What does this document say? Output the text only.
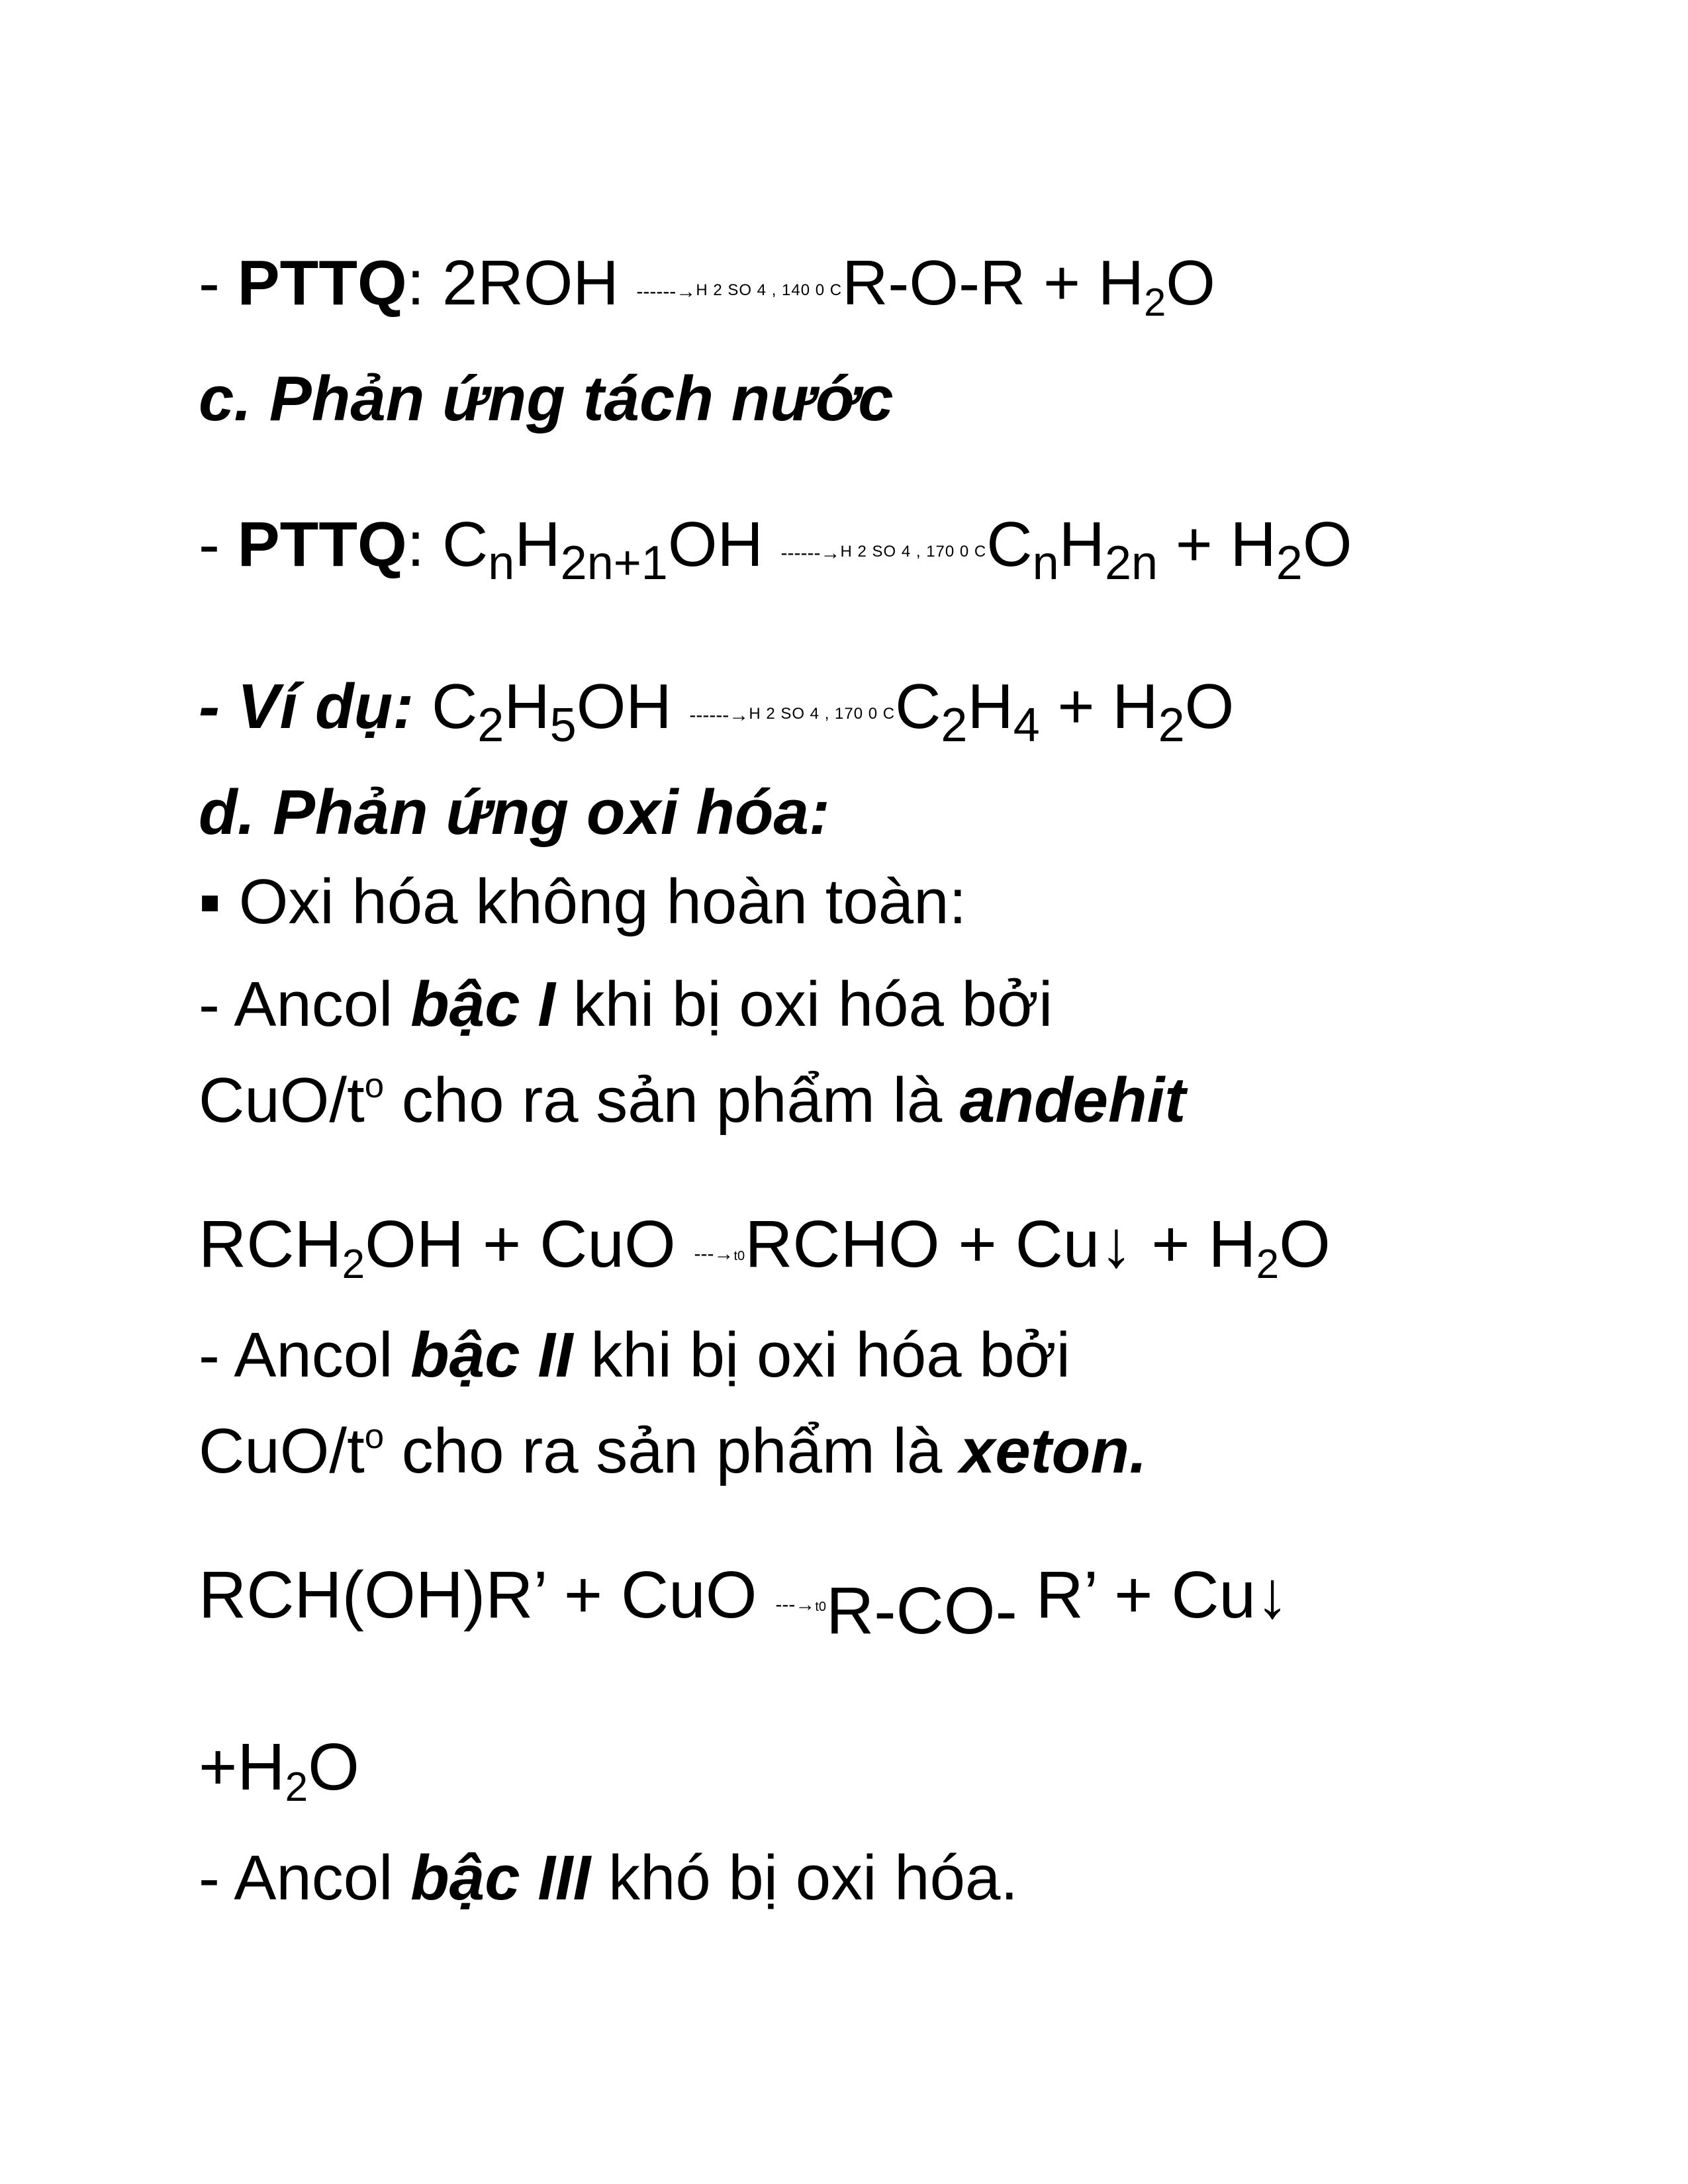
- PTTQ: 2ROH ------→H 2 SO 4 , 140 0 CR-O-R + H2O
c. Phản ứng tách nước
- PTTQ: $C_nH_{2n+1}OH$ ------→H 2 SO 4 , 170 0 $CC_nH_{2n} + H_2O$
- Ví dụ: $C_2H_5OH$ ------→H 2 SO 4 , 170 0 $CC_2H_4 + H_2O$
d. Phản ứng oxi hóa:
▪ Oxi hóa không hoàn toàn:
- Ancol bậc I khi bị oxi hóa bởi
CuO/$t^o$ cho ra sản phẩm là andehit
RCH2OH + CuO ---→t0RCHO + Cu↓ + H2O
- Ancol bậc II khi bị oxi hóa bởi
CuO/$t^o$ cho ra sản phẩm là xeton.
RCH(OH)R’ + CuO ---→t0R-CO- R’ + Cu↓
+H2O
- Ancol bậc III khó bị oxi hóa.
